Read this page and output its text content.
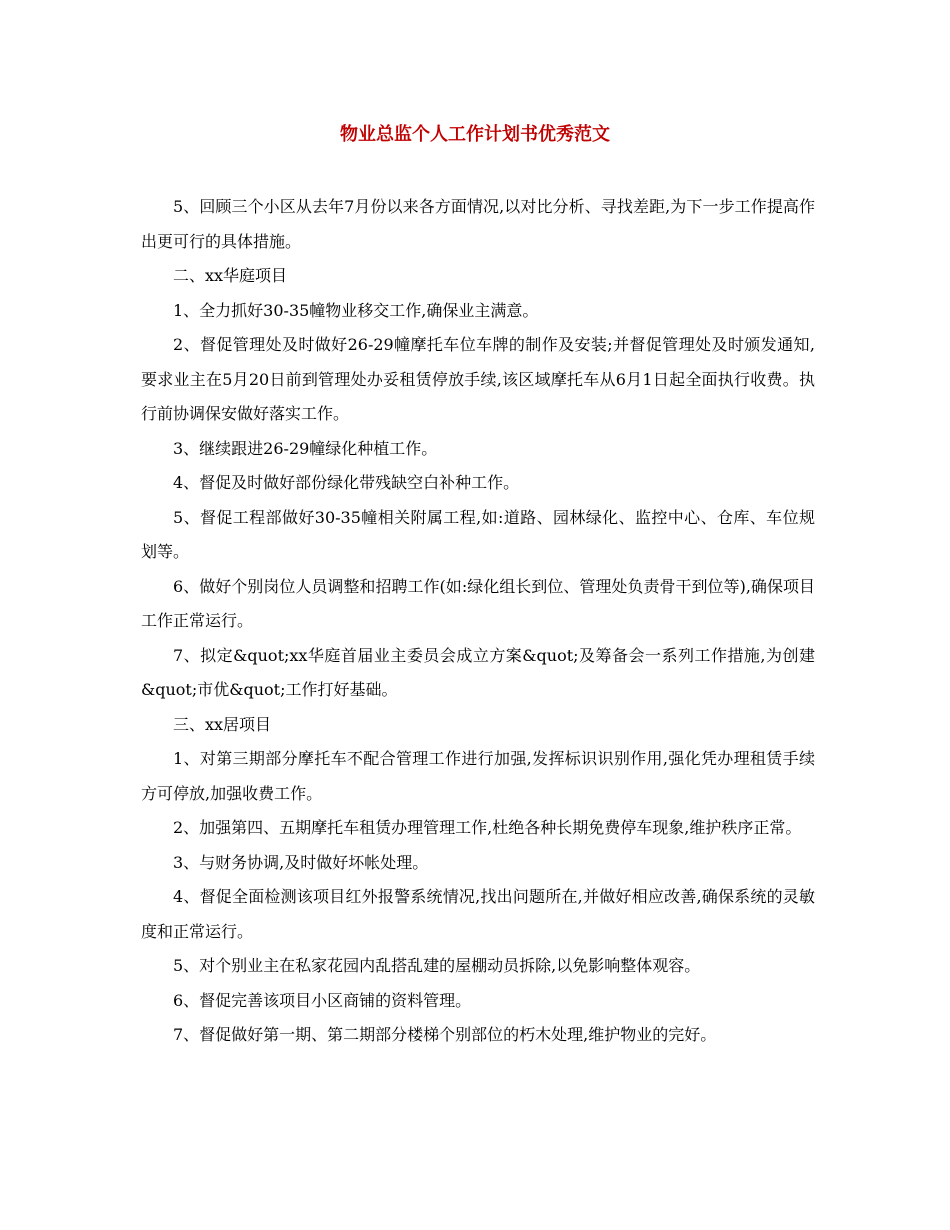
物业总监个人工作计划书优秀范文

5、回顾三个小区从去年7月份以来各方面情况,以对比分析、寻找差距,为下一步工作提高作出更可行的具体措施。

二、xx华庭项目

1、全力抓好30-35幢物业移交工作,确保业主满意。

2、督促管理处及时做好26-29幢摩托车位车牌的制作及安装;并督促管理处及时颁发通知,要求业主在5月20日前到管理处办妥租赁停放手续,该区域摩托车从6月1日起全面执行收费。执行前协调保安做好落实工作。

3、继续跟进26-29幢绿化种植工作。

4、督促及时做好部份绿化带残缺空白补种工作。

5、督促工程部做好30-35幢相关附属工程,如:道路、园林绿化、监控中心、仓库、车位规划等。

6、做好个别岗位人员调整和招聘工作(如:绿化组长到位、管理处负责骨干到位等),确保项目工作正常运行。

7、拟定&quot;xx华庭首届业主委员会成立方案&quot;及筹备会一系列工作措施,为创建&quot;市优&quot;工作打好基础。

三、xx居项目

1、对第三期部分摩托车不配合管理工作进行加强,发挥标识识别作用,强化凭办理租赁手续方可停放,加强收费工作。

2、加强第四、五期摩托车租赁办理管理工作,杜绝各种长期免费停车现象,维护秩序正常。

3、与财务协调,及时做好坏帐处理。

4、督促全面检测该项目红外报警系统情况,找出问题所在,并做好相应改善,确保系统的灵敏度和正常运行。

5、对个别业主在私家花园内乱搭乱建的屋棚动员拆除,以免影响整体观容。

6、督促完善该项目小区商铺的资料管理。

7、督促做好第一期、第二期部分楼梯个别部位的朽木处理,维护物业的完好。
